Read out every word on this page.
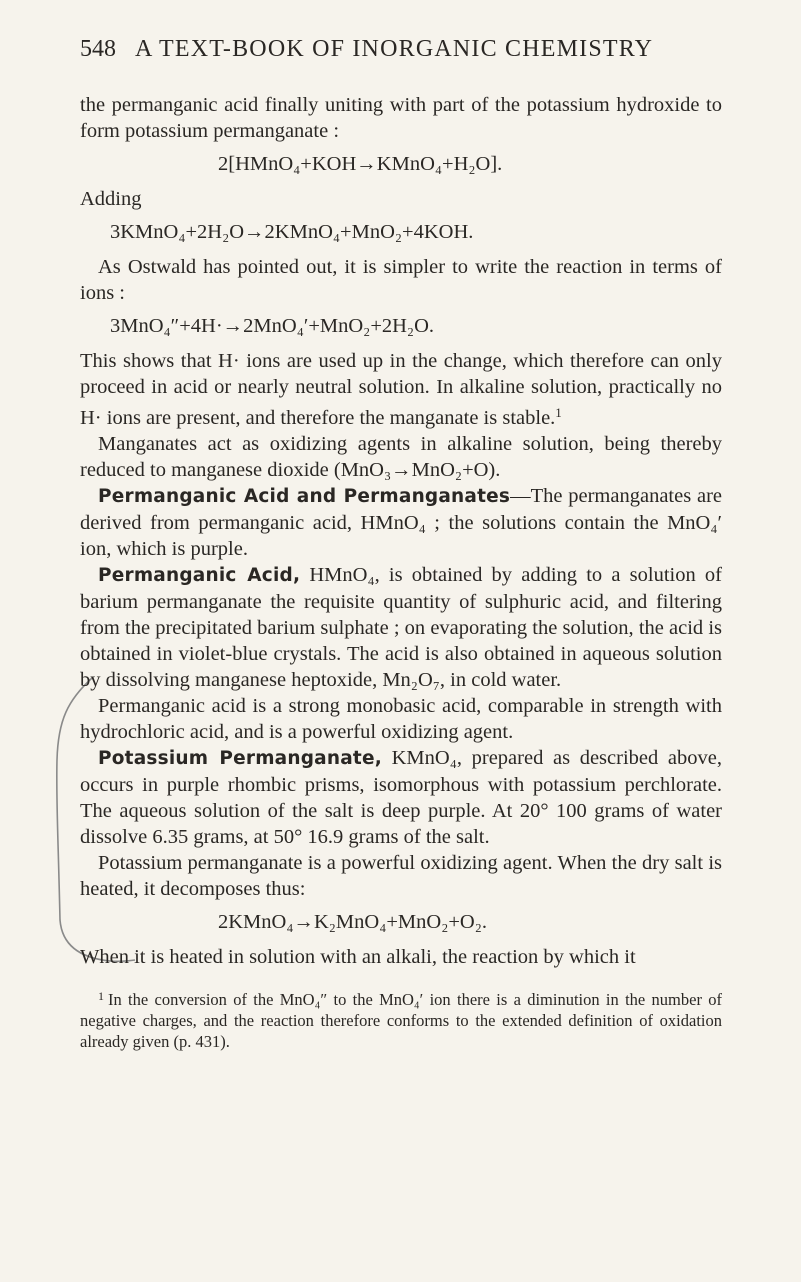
548 A TEXT-BOOK OF INORGANIC CHEMISTRY

the permanganic acid finally uniting with part of the potassium hydroxide to form potassium permanganate :

2[HMnO₄+KOH→KMnO₄+H₂O].

Adding

3KMnO₄+2H₂O→2KMnO₄+MnO₂+4KOH.

As Ostwald has pointed out, it is simpler to write the reaction in terms of ions :

3MnO₄″+4H·→2MnO₄′+MnO₂+2H₂O.

This shows that H· ions are used up in the change, which therefore can only proceed in acid or nearly neutral solution. In alkaline solution, practically no H· ions are present, and therefore the manganate is stable.$^1$

Manganates act as oxidizing agents in alkaline solution, being thereby reduced to manganese dioxide (MnO₃→MnO₂+O).

Permanganic Acid and Permanganates—The permanganates are derived from permanganic acid, HMnO₄ ; the solutions contain the MnO₄′ ion, which is purple.

Permanganic Acid, HMnO₄, is obtained by adding to a solution of barium permanganate the requisite quantity of sulphuric acid, and filtering from the precipitated barium sulphate ; on evaporating the solution, the acid is obtained in violet-blue crystals. The acid is also obtained in aqueous solution by dissolving manganese heptoxide, Mn₂O₇, in cold water.

Permanganic acid is a strong monobasic acid, comparable in strength with hydrochloric acid, and is a powerful oxidizing agent.

Potassium Permanganate, KMnO₄, prepared as described above, occurs in purple rhombic prisms, isomorphous with potassium perchlorate. The aqueous solution of the salt is deep purple. At 20° 100 grams of water dissolve 6.35 grams, at 50° 16.9 grams of the salt.

Potassium permanganate is a powerful oxidizing agent. When the dry salt is heated, it decomposes thus:

2KMnO₄→K₂MnO₄+MnO₂+O₂.

When it is heated in solution with an alkali, the reaction by which it

$^1$ In the conversion of the MnO₄″ to the MnO₄′ ion there is a diminution in the number of negative charges, and the reaction therefore conforms to the extended definition of oxidation already given (p. 431).
